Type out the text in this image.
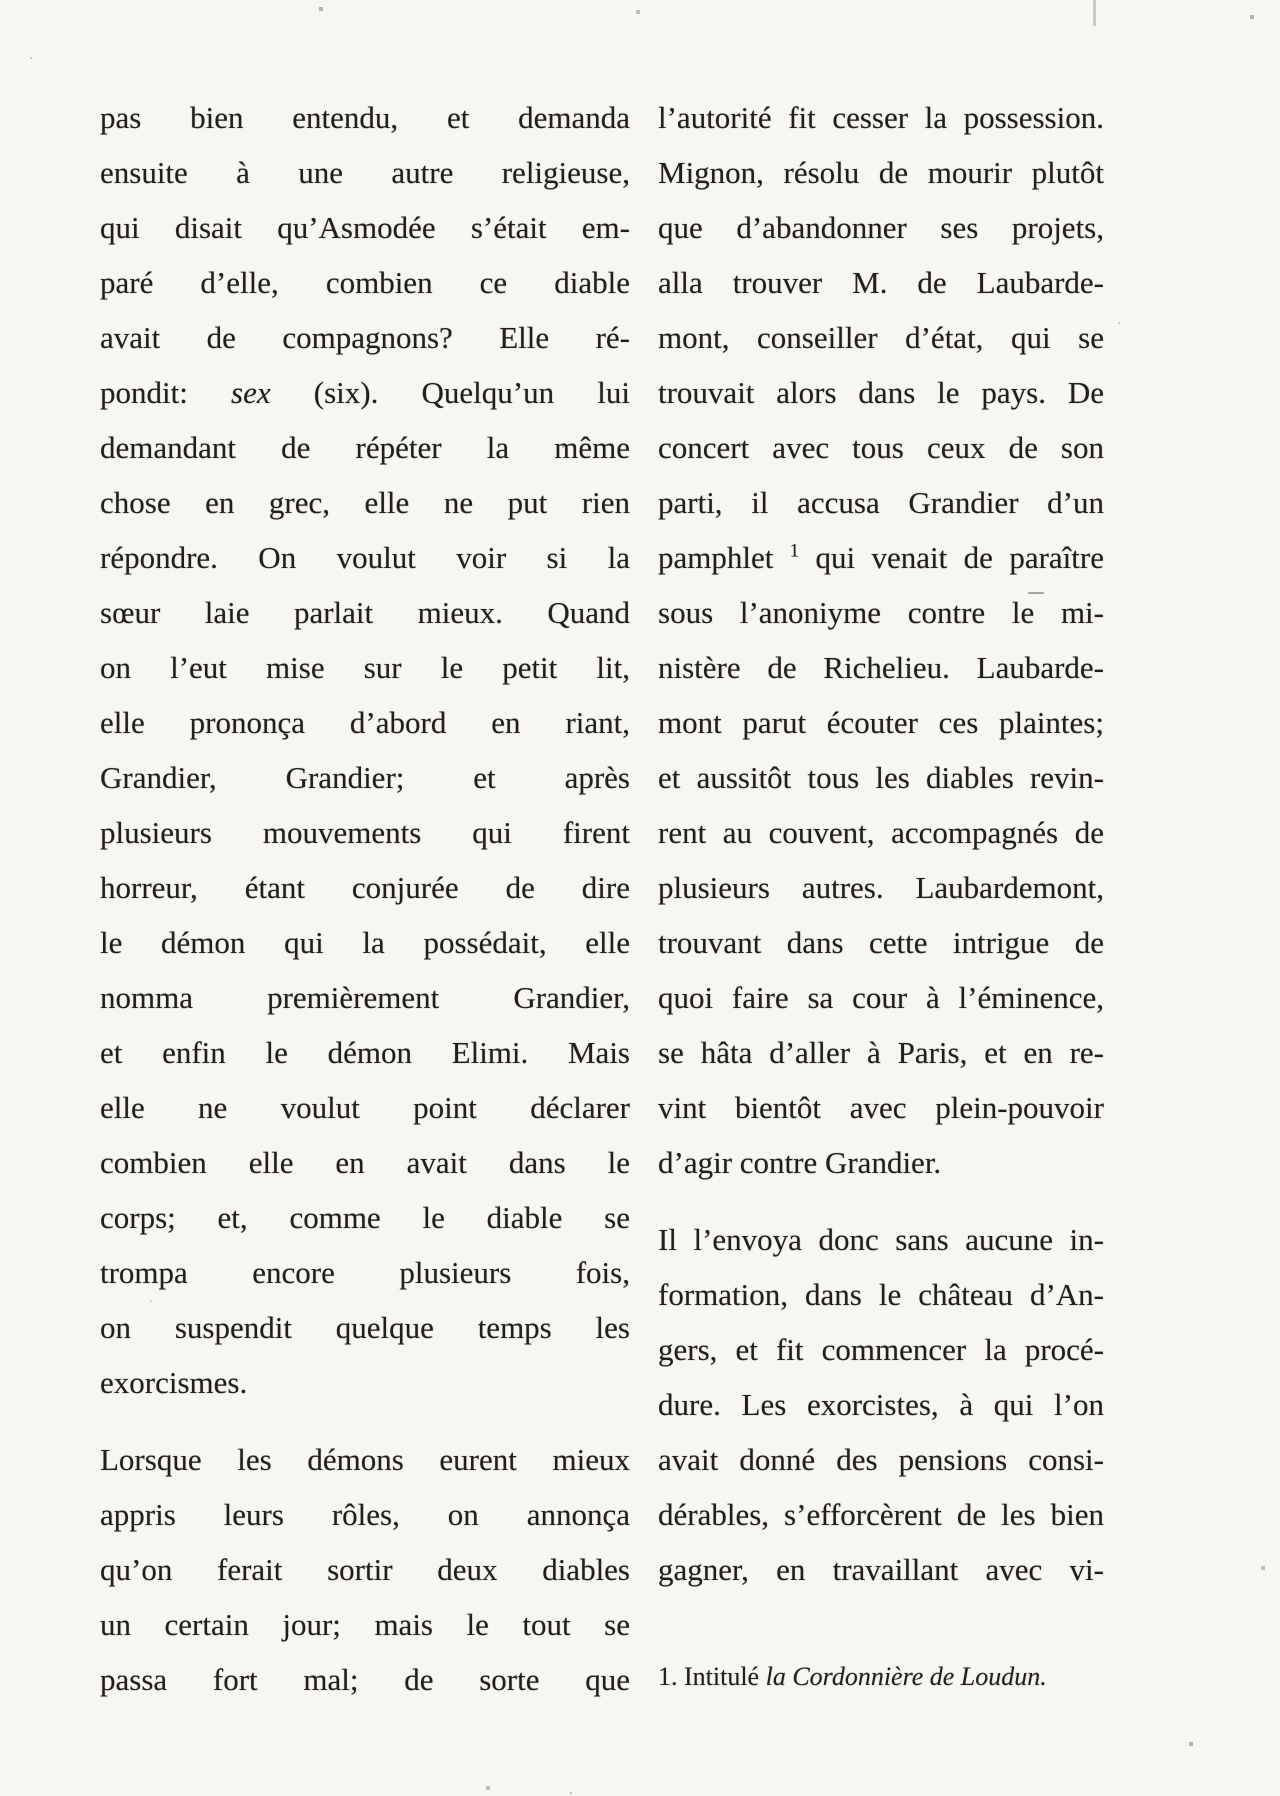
pas bien entendu, et demanda
ensuite à une autre religieuse,
qui disait qu’Asmodée s’était em-
paré d’elle, combien ce diable
avait de compagnons? Elle ré-
pondit: sex (six). Quelqu’un lui
demandant de répéter la même
chose en grec, elle ne put rien
répondre. On voulut voir si la
sœur laie parlait mieux. Quand
on l’eut mise sur le petit lit,
elle prononça d’abord en riant,
Grandier, Grandier; et après
plusieurs mouvements qui firent
horreur, étant conjurée de dire
le démon qui la possédait, elle
nomma premièrement Grandier,
et enfin le démon Elimi. Mais
elle ne voulut point déclarer
combien elle en avait dans le
corps; et, comme le diable se
trompa encore plusieurs fois,
on suspendit quelque temps les
exorcismes.
Lorsque les démons eurent mieux
appris leurs rôles, on annonça
qu’on ferait sortir deux diables
un certain jour; mais le tout se
passa fort mal; de sorte que
l’autorité fit cesser la possession.
Mignon, résolu de mourir plutôt
que d’abandonner ses projets,
alla trouver M. de Laubarde-
mont, conseiller d’état, qui se
trouvait alors dans le pays. De
concert avec tous ceux de son
parti, il accusa Grandier d’un
pamphlet $^1$ qui venait de paraître
sous l’anoniyme contre le mi-
nistère de Richelieu. Laubarde-
mont parut écouter ces plaintes;
et aussitôt tous les diables revin-
rent au couvent, accompagnés de
plusieurs autres. Laubardemont,
trouvant dans cette intrigue de
quoi faire sa cour à l’éminence,
se hâta d’aller à Paris, et en re-
vint bientôt avec plein-pouvoir
d’agir contre Grandier.
Il l’envoya donc sans aucune in-
formation, dans le château d’An-
gers, et fit commencer la procé-
dure. Les exorcistes, à qui l’on
avait donné des pensions consi-
dérables, s’efforcèrent de les bien
gagner, en travaillant avec vi-
1. Intitulé la Cordonnière de Loudun.
